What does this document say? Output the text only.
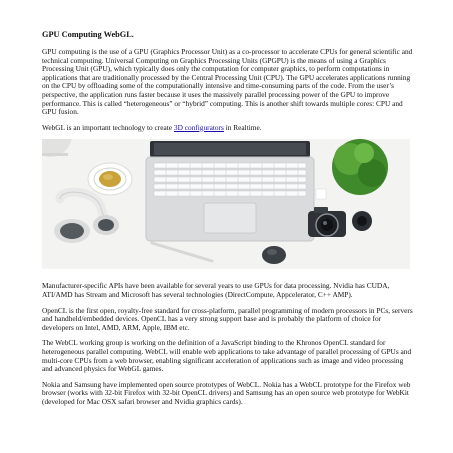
GPU Computing WebGL.

GPU computing is the use of a GPU (Graphics Processor Unit) as a co-processor to accelerate CPUs for general scientific and technical computing. Universal Computing on Graphics Processing Units (GPGPU) is the means of using a Graphics Processing Unit (GPU), which typically does only the computation for computer graphics, to perform computations in applications that are traditionally processed by the Central Processing Unit (CPU). The GPU accelerates applications running on the CPU by offloading some of the computationally intensive and time-consuming parts of the code. From the user’s perspective, the application runs faster because it uses the massively parallel processing power of the GPU to improve performance. This is called “heterogeneous” or “hybrid” computing. This is another shift towards multiple cores: CPU and GPU fusion.

WebGL is an important technology to create 3D configurators in Realtime.

Manufacturer-specific APIs have been available for several years to use GPUs for data processing. Nvidia has CUDA, ATI/AMD has Stream and Microsoft has several technologies (DirectCompute, Appcelerator, C++ AMP).

OpenCL is the first open, royalty-free standard for cross-platform, parallel programming of modern processors in PCs, servers and handheld/embedded devices. OpenCL has a very strong support base and is probably the platform of choice for developers on Intel, AMD, ARM, Apple, IBM etc.

The WebCL working group is working on the definition of a JavaScript binding to the Khronos OpenCL standard for heterogeneous parallel computing. WebCL will enable web applications to take advantage of parallel processing of GPUs and multi-core CPUs from a web browser, enabling significant acceleration of applications such as image and video processing and advanced physics for WebGL games.

Nokia and Samsung have implemented open source prototypes of WebCL. Nokia has a WebCL prototype for the Firefox web browser (works with 32-bit Firefox with 32-bit OpenCL drivers) and Samsung has an open source web prototype for WebKit (developed for Mac OSX safari browser and Nvidia graphics cards).
